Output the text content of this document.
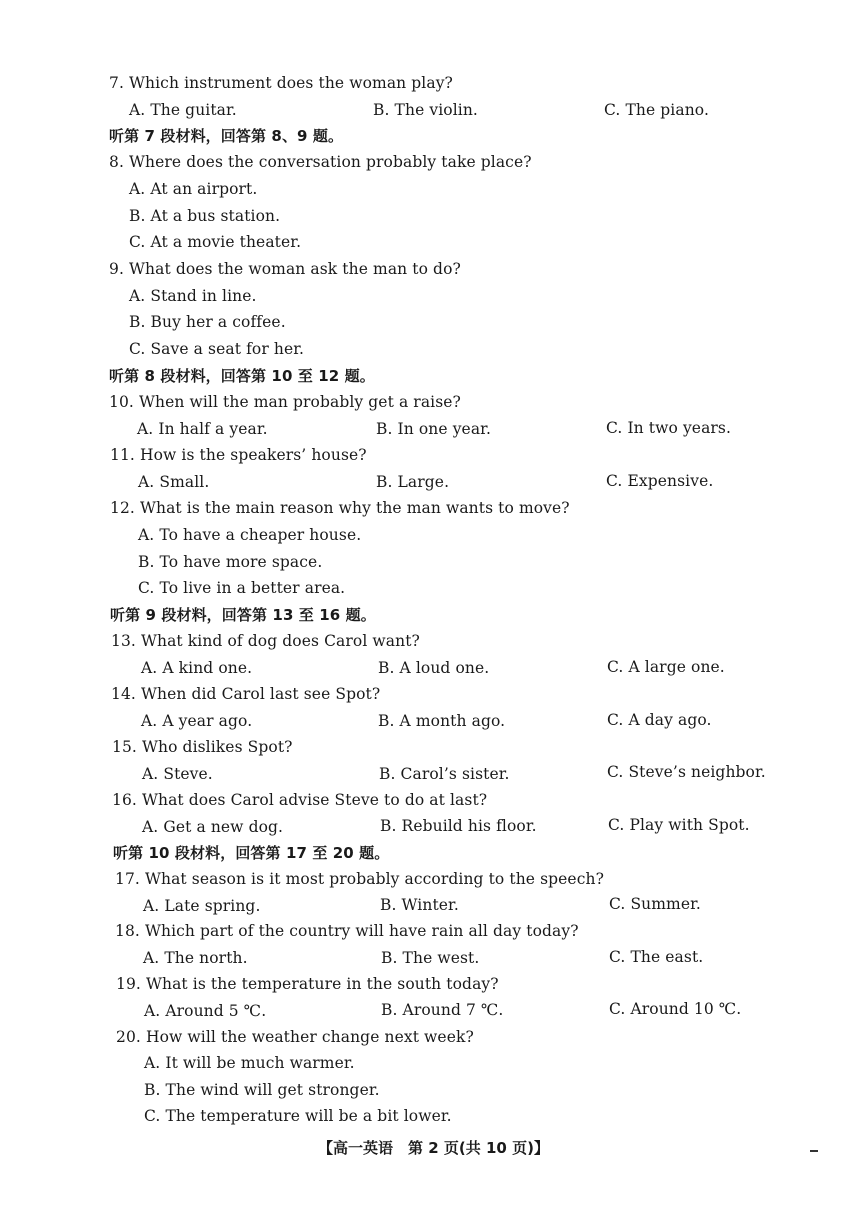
7. Which instrument does the woman play?
A. The guitar.	B. The violin.	C. The piano.
听第 7 段材料，回答第 8、9 题。
8. Where does the conversation probably take place?
A. At an airport.
B. At a bus station.
C. At a movie theater.
9. What does the woman ask the man to do?
A. Stand in line.
B. Buy her a coffee.
C. Save a seat for her.
听第 8 段材料，回答第 10 至 12 题。
10. When will the man probably get a raise?
A. In half a year.	B. In one year.	C. In two years.
11. How is the speakers’ house?
A. Small.	B. Large.	C. Expensive.
12. What is the main reason why the man wants to move?
A. To have a cheaper house.
B. To have more space.
C. To live in a better area.
听第 9 段材料，回答第 13 至 16 题。
13. What kind of dog does Carol want?
A. A kind one.	B. A loud one.	C. A large one.
14. When did Carol last see Spot?
A. A year ago.	B. A month ago.	C. A day ago.
15. Who dislikes Spot?
A. Steve.	B. Carol’s sister.	C. Steve’s neighbor.
16. What does Carol advise Steve to do at last?
A. Get a new dog.	B. Rebuild his floor.	C. Play with Spot.
听第 10 段材料，回答第 17 至 20 题。
17. What season is it most probably according to the speech?
A. Late spring.	B. Winter.	C. Summer.
18. Which part of the country will have rain all day today?
A. The north.	B. The west.	C. The east.
19. What is the temperature in the south today?
A. Around 5 ℃.	B. Around 7 ℃.	C. Around 10 ℃.
20. How will the weather change next week?
A. It will be much warmer.
B. The wind will get stronger.
C. The temperature will be a bit lower.
【高一英语　第 2 页(共 10 页)】
